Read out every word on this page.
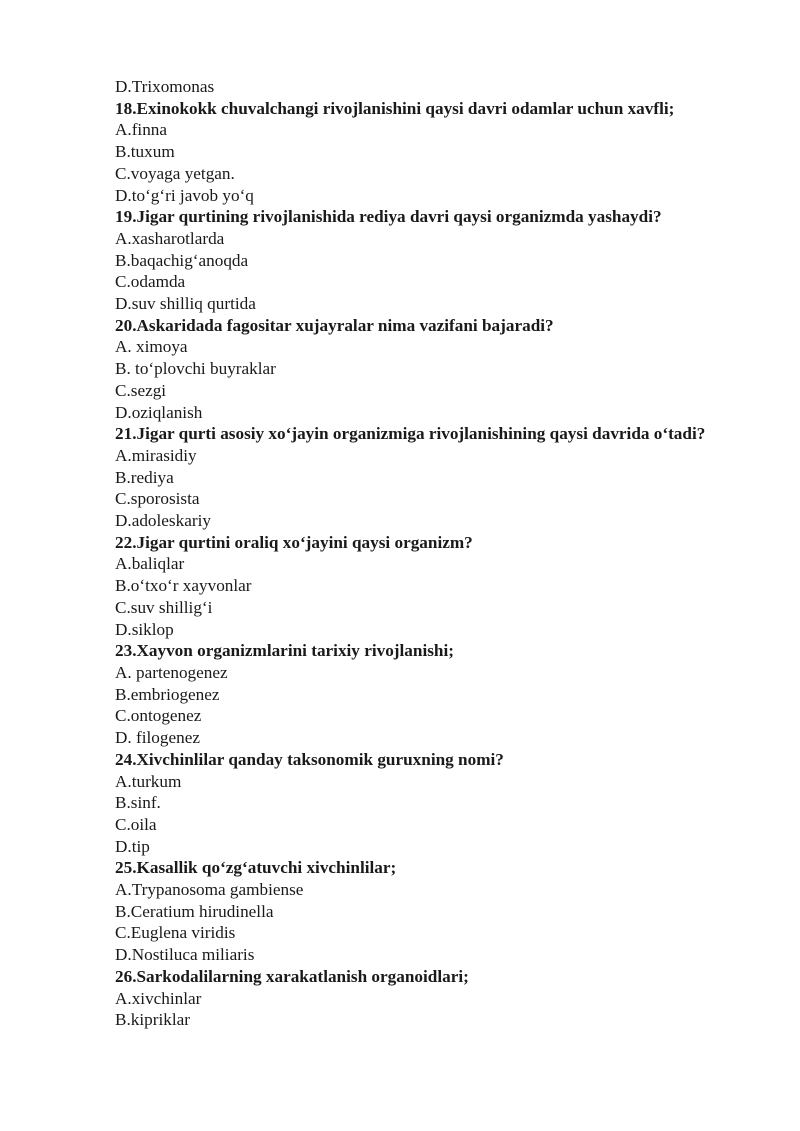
D.Trixomonas
18.Exinokokk chuvalchangi rivojlanishini qaysi davri odamlar uchun xavfli;
A.finna
B.tuxum
C.voyaga yetgan.
D.to‘g‘ri javob yo‘q
19.Jigar qurtining rivojlanishida rediya davri qaysi organizmda yashaydi?
A.xasharotlarda
B.baqachig‘anoqda
C.odamda
D.suv shilliq qurtida
20.Askaridada fagositar xujayralar nima vazifani bajaradi?
A. ximoya
B. to‘plovchi buyraklar
C.sezgi
D.oziqlanish
21.Jigar qurti asosiy xo‘jayin organizmiga rivojlanishining qaysi davrida o‘tadi?
A.mirasidiy
B.rediya
C.sporosista
D.adoleskariy
22.Jigar qurtini oraliq xo‘jayini qaysi organizm?
A.baliqlar
B.o‘txo‘r xayvonlar
C.suv shillig‘i
D.siklop
23.Xayvon organizmlarini tarixiy rivojlanishi;
A. partenogenez
B.embriogenez
C.ontogenez
D. filogenez
24.Xivchinlilar qanday taksonomik guruxning nomi?
A.turkum
B.sinf.
C.oila
D.tip
25.Kasallik qo‘zg‘atuvchi xivchinlilar;
A.Trypanosoma gambiense
B.Ceratium hirudinella
C.Euglena viridis
D.Nostiluca miliaris
26.Sarkodalilarning xarakatlanish organoidlari;
A.xivchinlar
B.kipriklar
